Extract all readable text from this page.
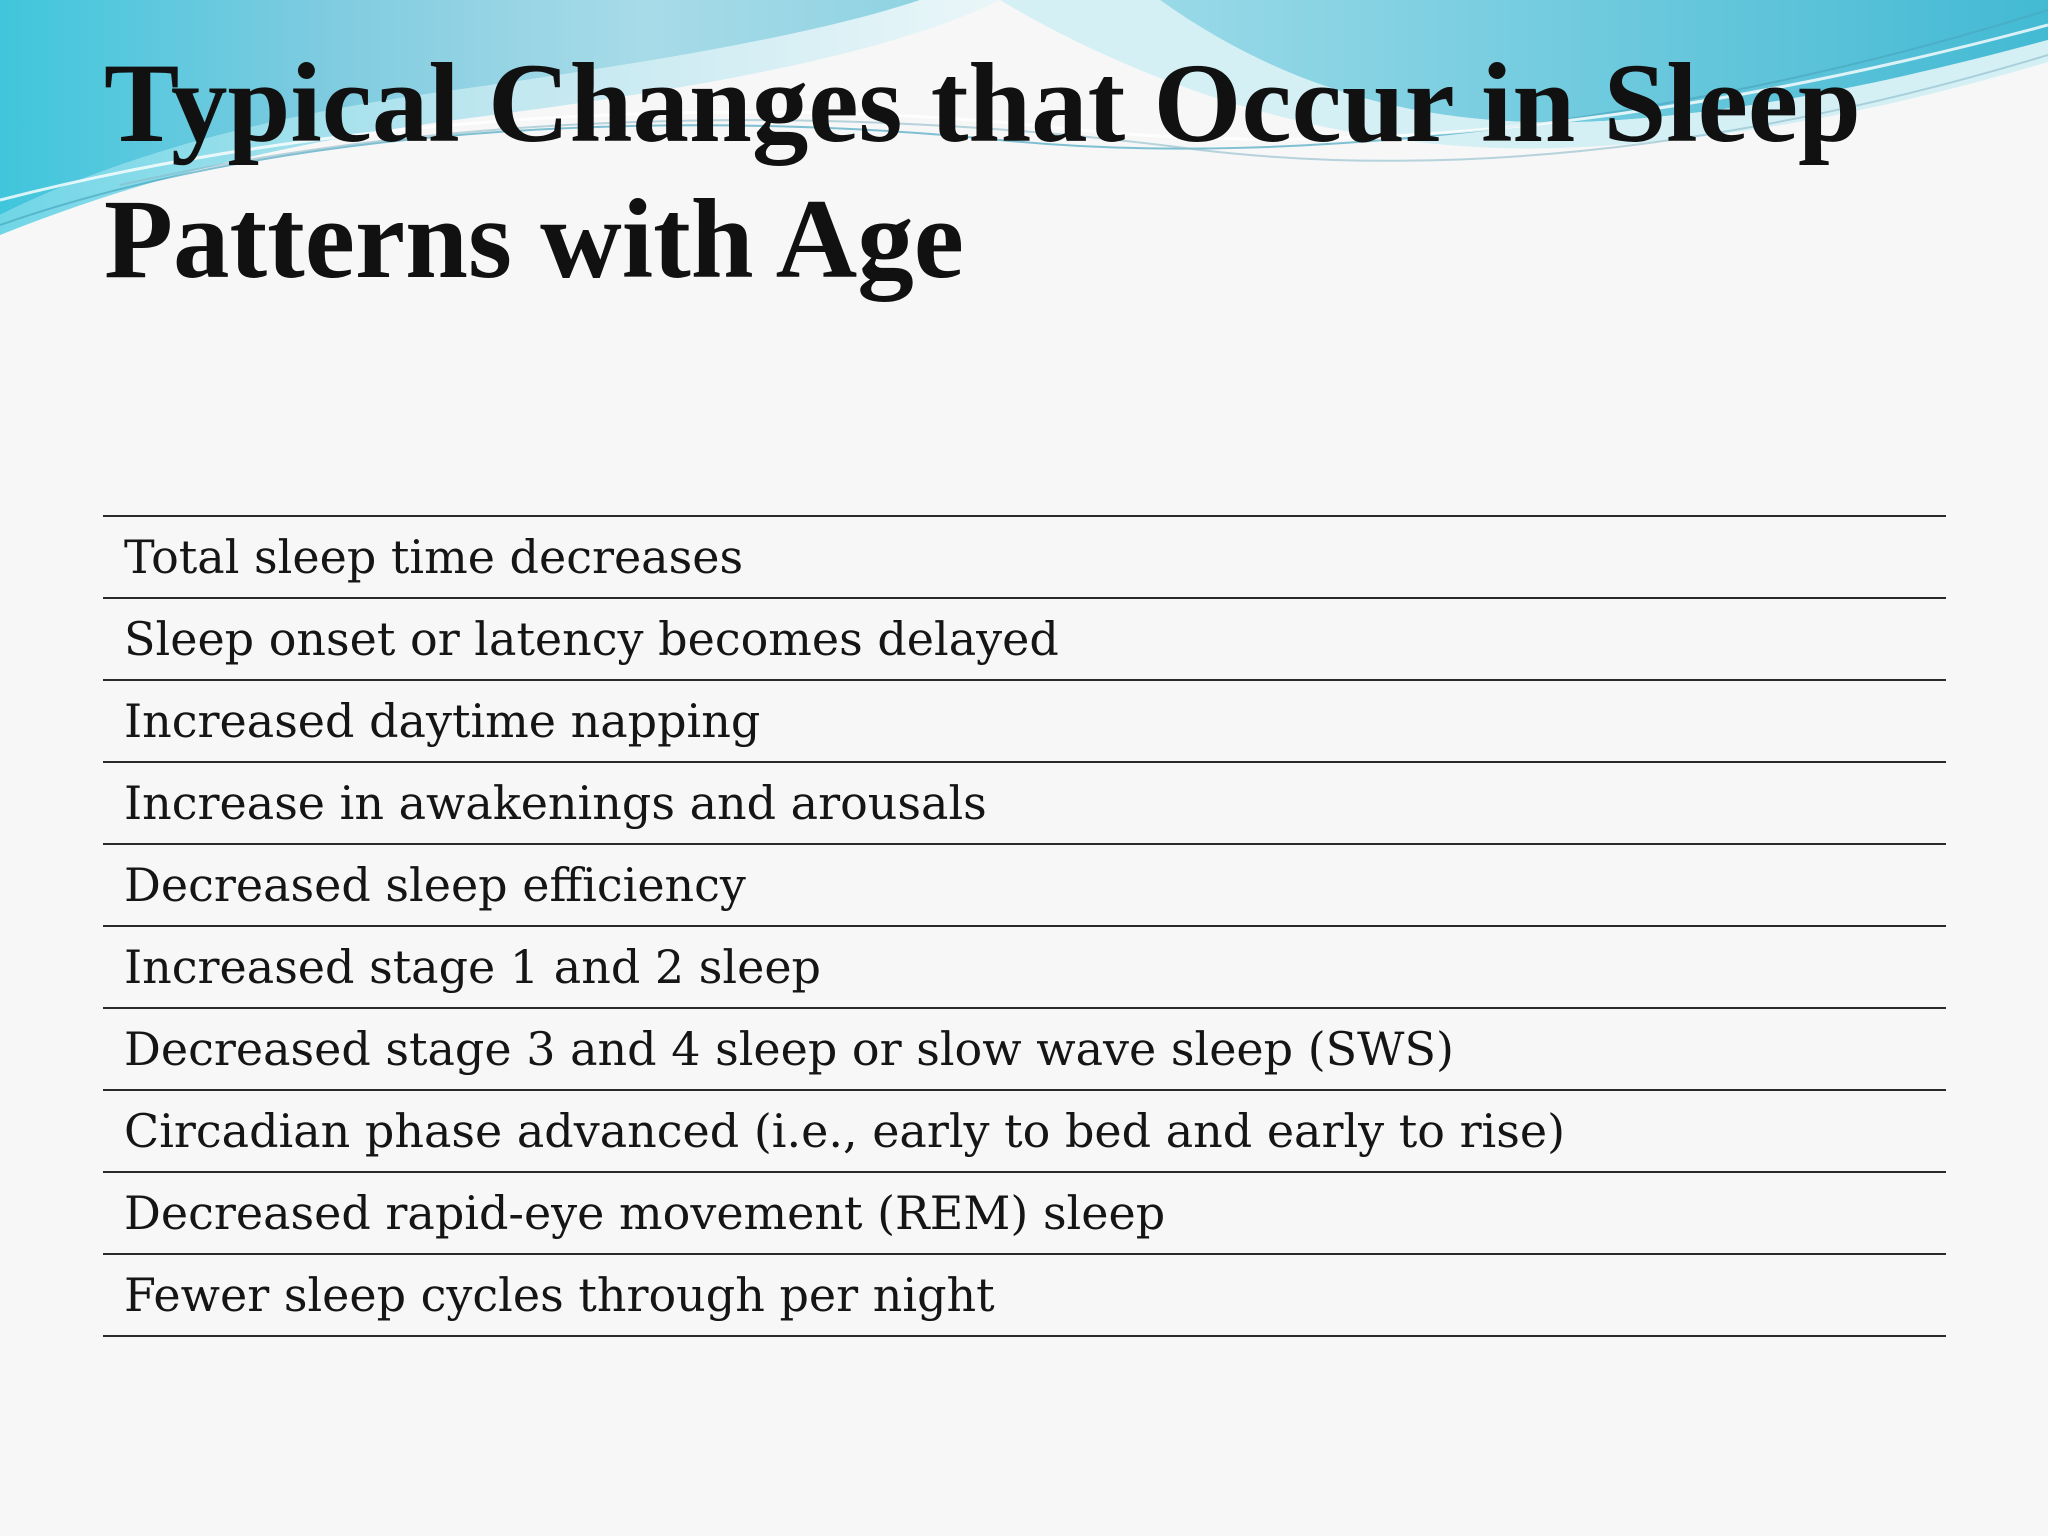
Typical Changes that Occur in Sleep Patterns with Age
Total sleep time decreases
Sleep onset or latency becomes delayed
Increased daytime napping
Increase in awakenings and arousals
Decreased sleep efficiency
Increased stage 1 and 2 sleep
Decreased stage 3 and 4 sleep or slow wave sleep (SWS)
Circadian phase advanced (i.e., early to bed and early to rise)
Decreased rapid-eye movement (REM) sleep
Fewer sleep cycles through per night
